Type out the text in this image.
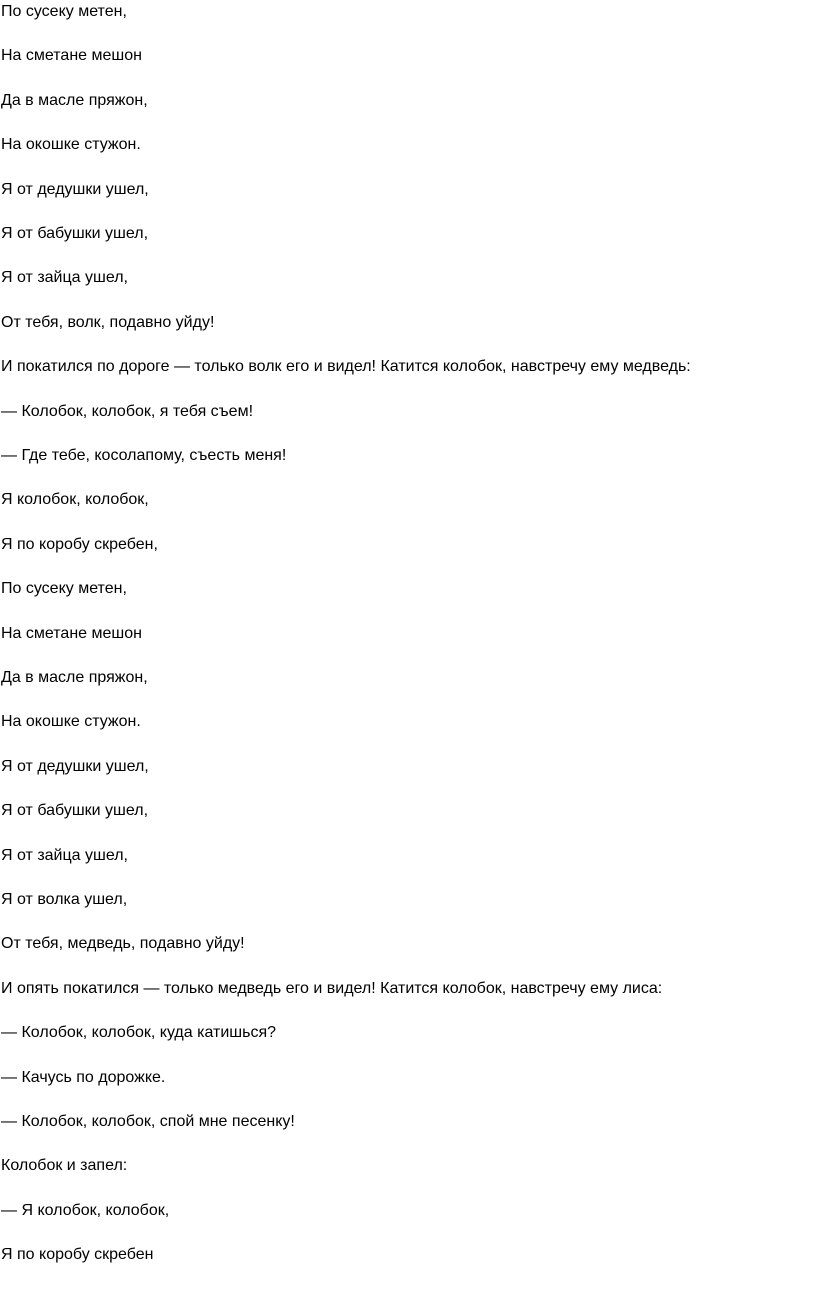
По сусеку метен,

На сметане мешон

Да в масле пряжон,

На окошке стужон.

Я от дедушки ушел,

Я от бабушки ушел,

Я от зайца ушел,

От тебя, волк, подавно уйду!

И покатился по дороге — только волк его и видел! Катится колобок, навстречу ему медведь:

— Колобок, колобок, я тебя съем!

— Где тебе, косолапому, съесть меня!

Я колобок, колобок,

Я по коробу скребен,

По сусеку метен,

На сметане мешон

Да в масле пряжон,

На окошке стужон.

Я от дедушки ушел,

Я от бабушки ушел,

Я от зайца ушел,

Я от волка ушел,

От тебя, медведь, подавно уйду!

И опять покатился — только медведь его и видел! Катится колобок, навстречу ему лиса:

— Колобок, колобок, куда катишься?

— Качусь по дорожке.

— Колобок, колобок, спой мне песенку!

Колобок и запел:

— Я колобок, колобок,

Я по коробу скребен
